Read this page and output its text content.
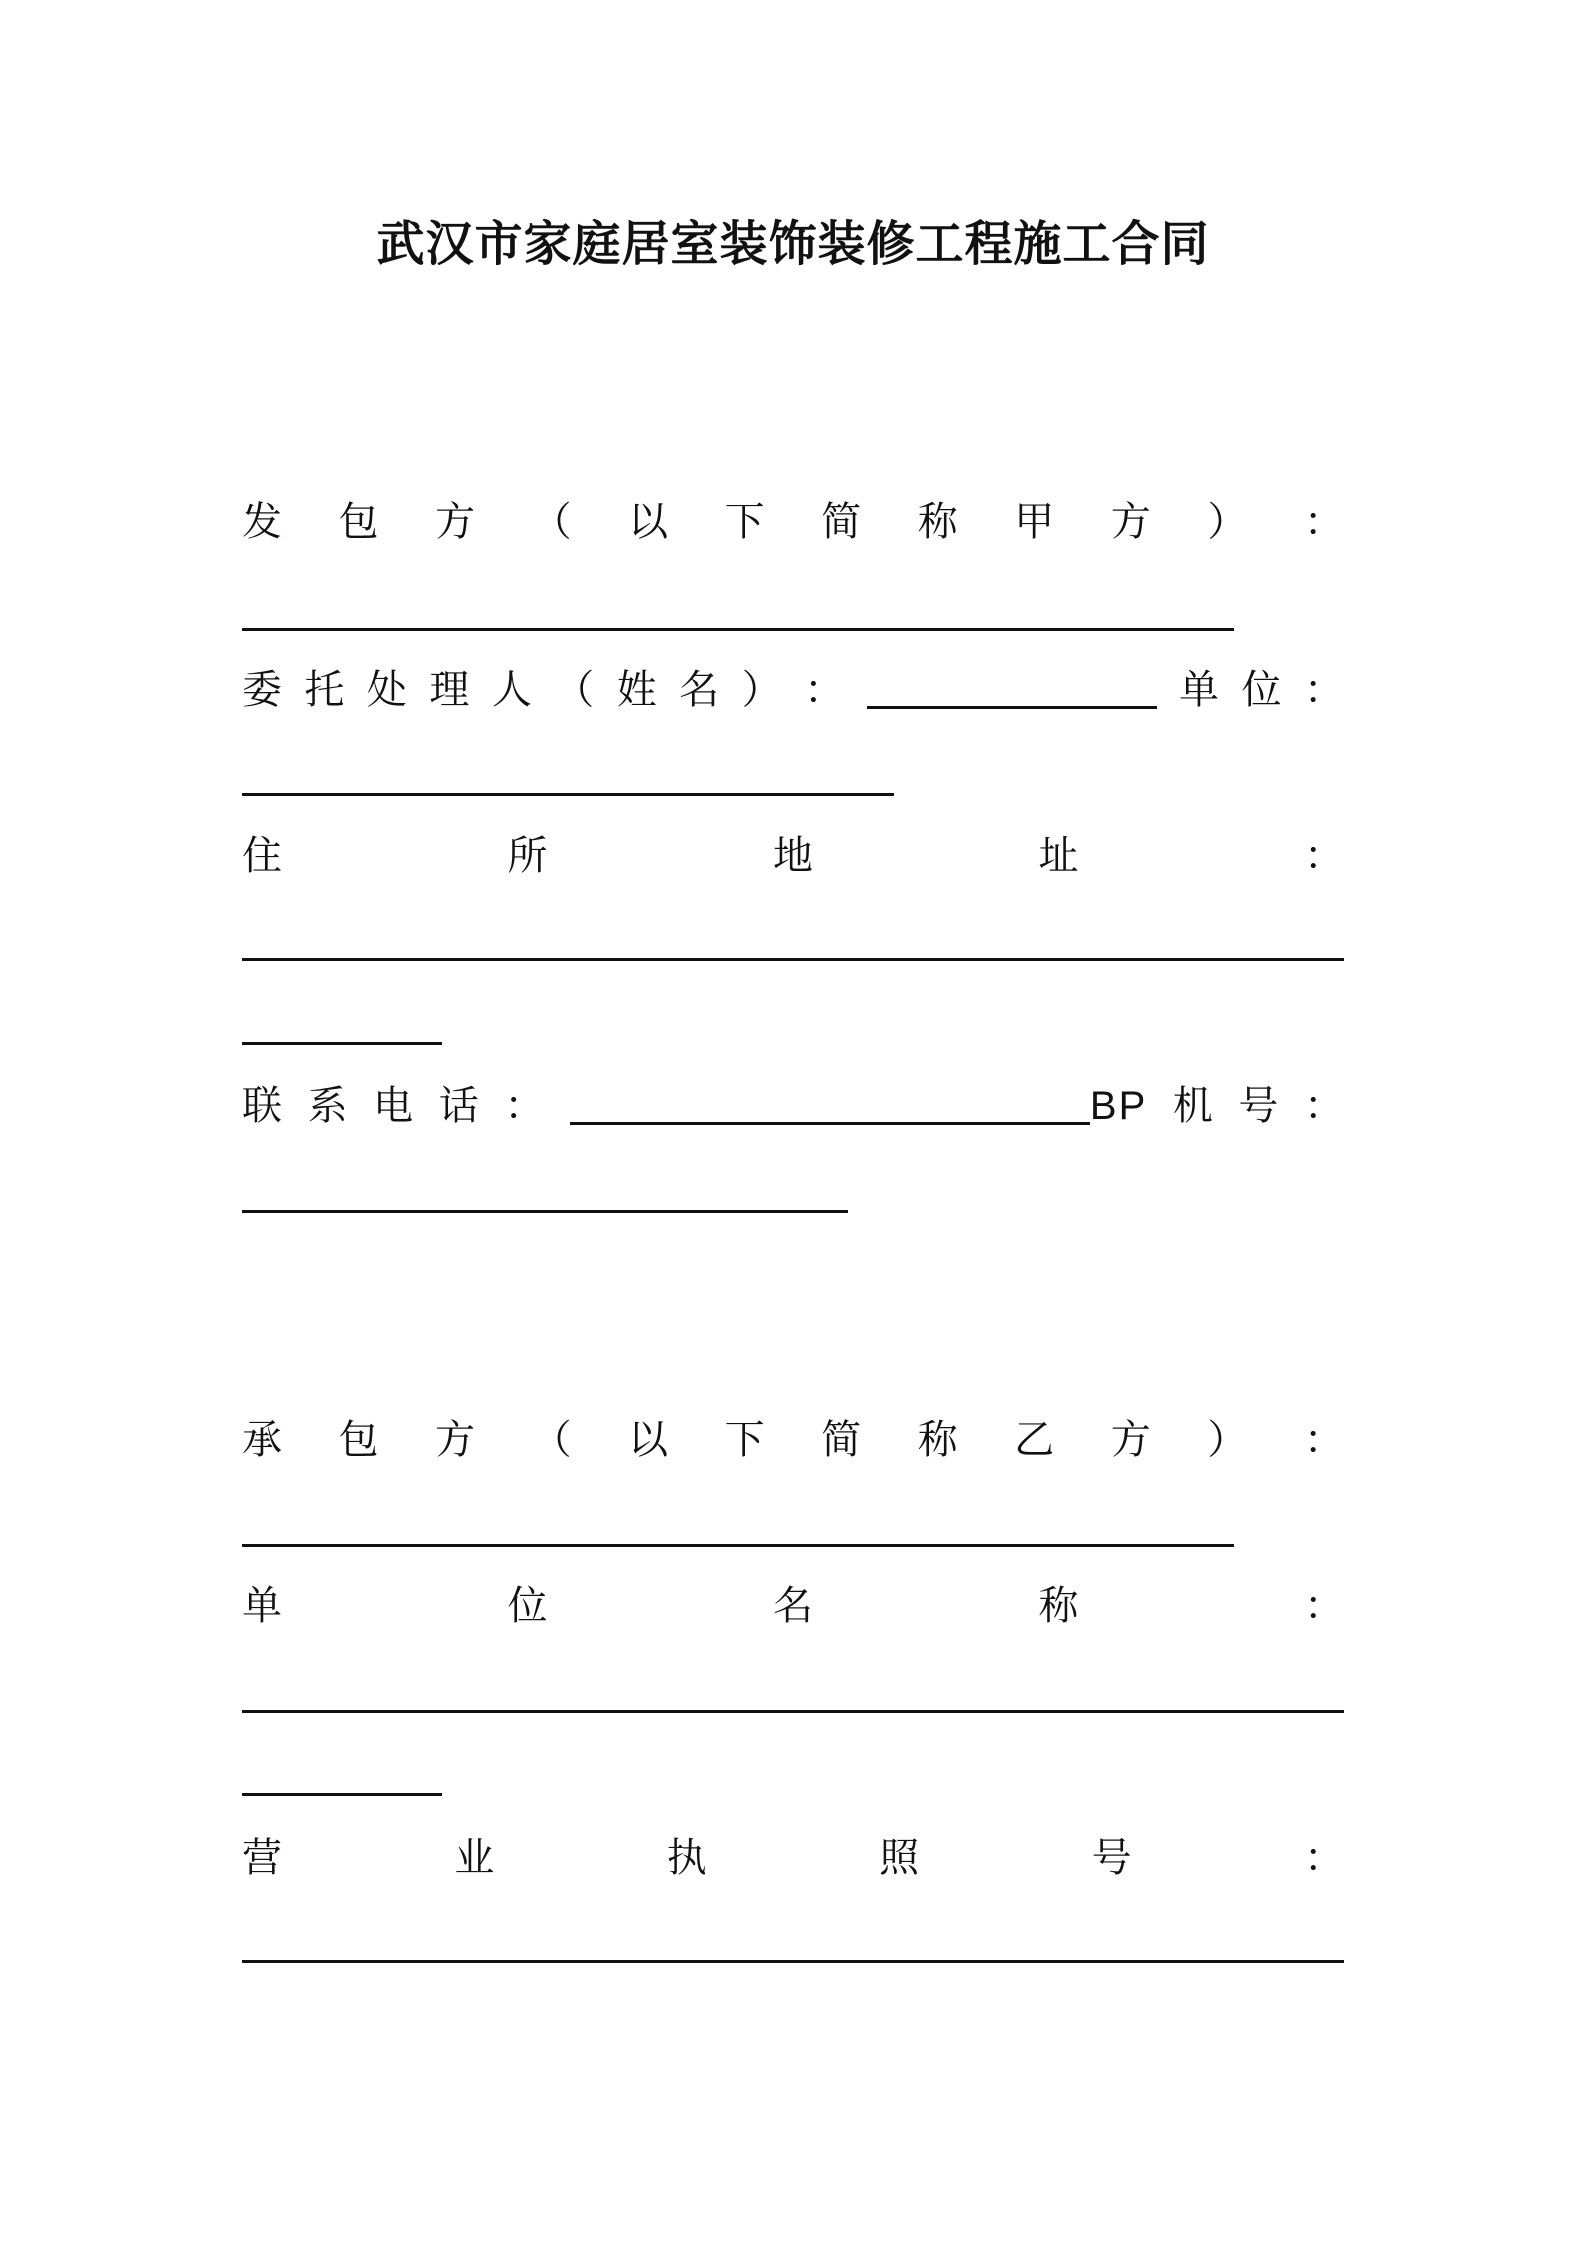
武汉市家庭居室装饰装修工程施工合同
发 包 方 （ 以 下 简 称 甲 方 ） ：
委 托 处 理 人 （ 姓 名 ） ：	单 位 ：
住	所	地	址	：
联 系 电 话 ：	BP 机 号 ：
承 包 方 （ 以 下 简 称 乙 方 ） ：
单	位	名	称	：
营	业	执	照	号	：
